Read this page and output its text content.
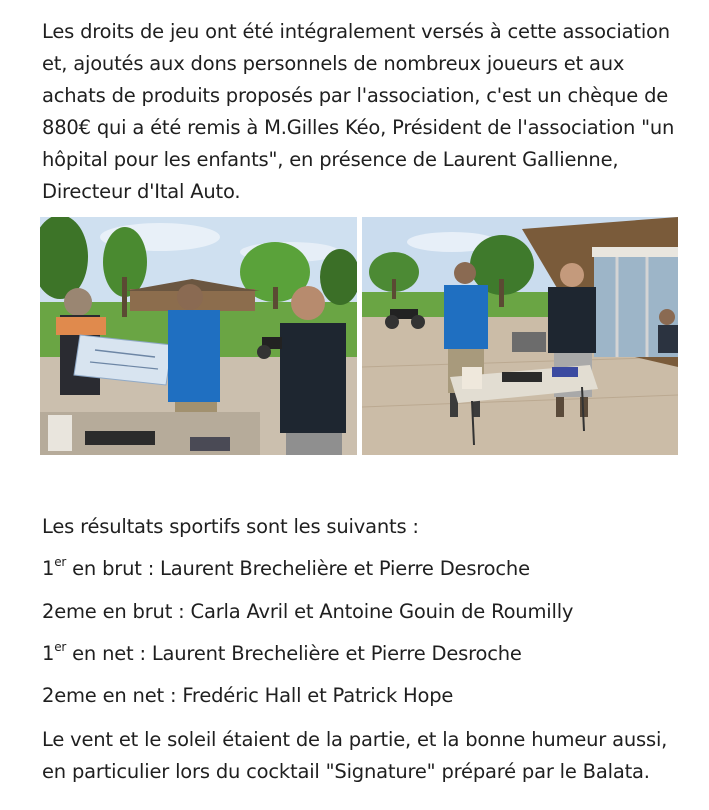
Les droits de jeu ont été intégralement versés à cette association
et, ajoutés aux dons personnels de nombreux joueurs et aux
achats de produits proposés par l'association, c'est un chèque de
880€ qui a été remis à M.Gilles Kéo, Président de l'association "un
hôpital pour les enfants", en présence de Laurent Gallienne,
Directeur d'Ital Auto.
Les résultats sportifs sont les suivants :
1er en brut : Laurent Brechelière et Pierre Desroche
2eme en brut : Carla Avril et Antoine Gouin de Roumilly
1er en net : Laurent Brechelière et Pierre Desroche
2eme en net : Fredéric Hall et Patrick Hope
Le vent et le soleil étaient de la partie, et la bonne humeur aussi,
en particulier lors du cocktail "Signature" préparé par le Balata.
